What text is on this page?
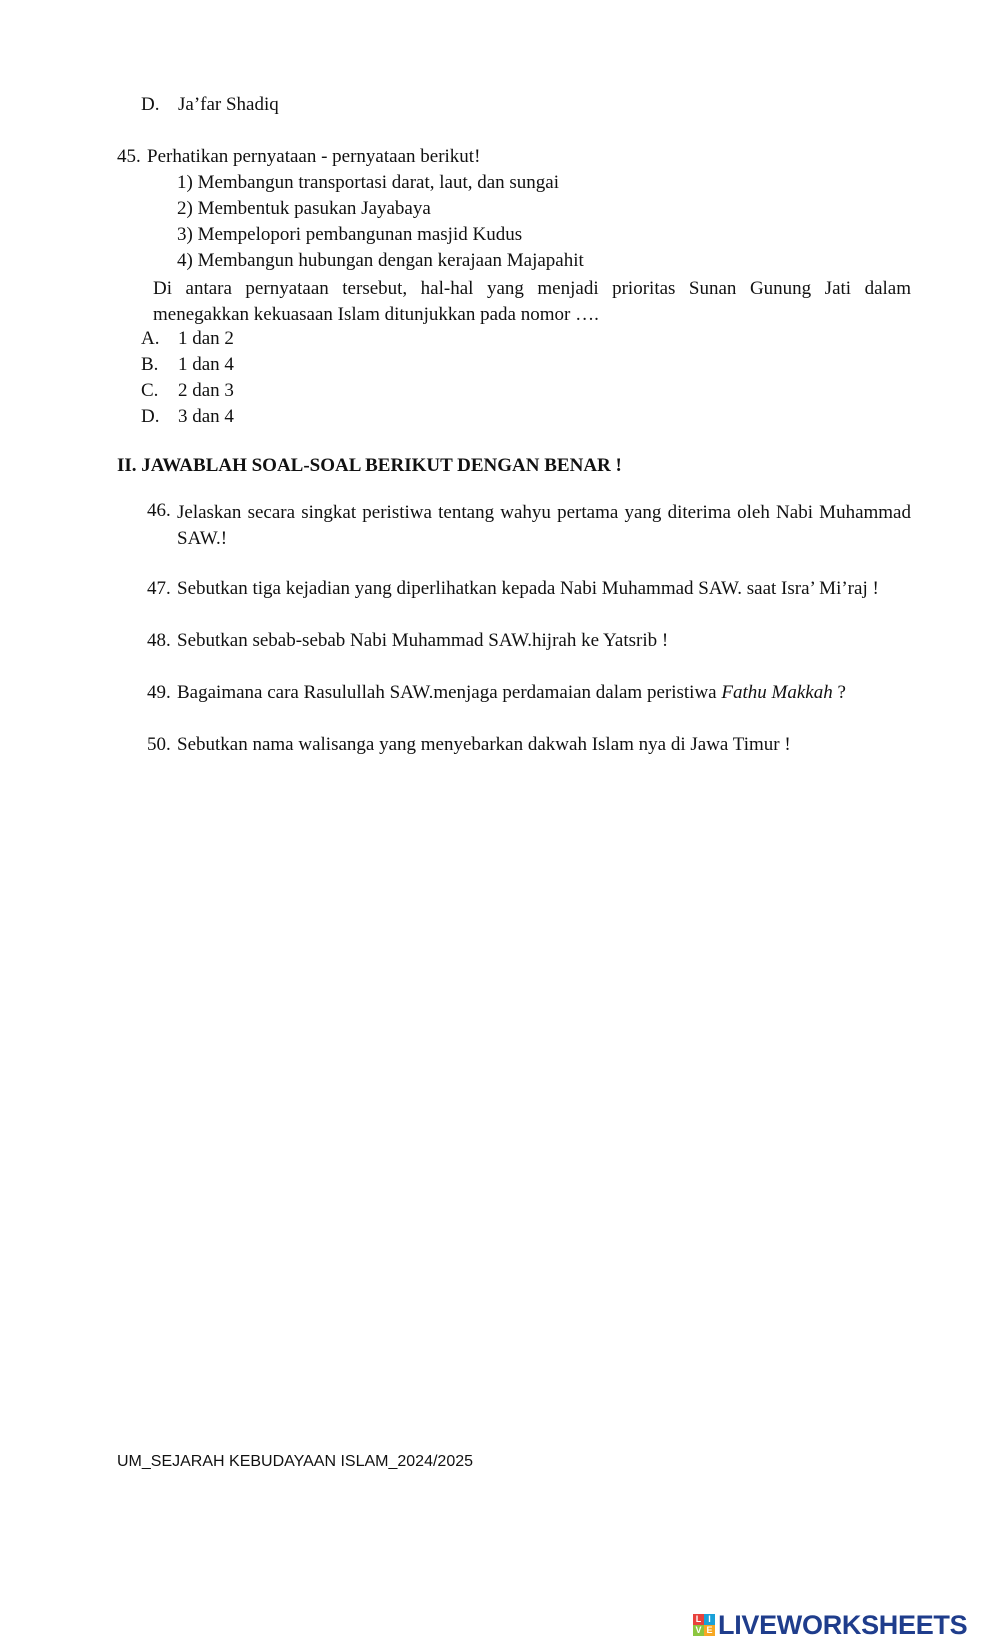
D. Ja’far Shadiq
45. Perhatikan pernyataan - pernyataan berikut!
1) Membangun transportasi darat, laut, dan sungai
2) Membentuk pasukan Jayabaya
3) Mempelopori pembangunan masjid Kudus
4) Membangun hubungan dengan kerajaan Majapahit
Di antara pernyataan tersebut, hal-hal yang menjadi prioritas Sunan Gunung Jati dalam menegakkan kekuasaan Islam ditunjukkan pada nomor ….
A. 1 dan 2
B. 1 dan 4
C. 2 dan 3
D. 3 dan 4
II. JAWABLAH SOAL-SOAL BERIKUT DENGAN BENAR !
46. Jelaskan secara singkat peristiwa tentang wahyu pertama yang diterima oleh Nabi Muhammad SAW.!
47. Sebutkan tiga kejadian yang diperlihatkan kepada Nabi Muhammad SAW. saat Isra’ Mi’raj !
48. Sebutkan sebab-sebab Nabi Muhammad SAW.hijrah ke Yatsrib !
49. Bagaimana cara Rasulullah SAW.menjaga perdamaian dalam peristiwa Fathu Makkah ?
50. Sebutkan nama walisanga yang menyebarkan dakwah Islam nya di Jawa Timur !
UM_SEJARAH KEBUDAYAAN ISLAM_2024/2025
L I
V E LIVEWORKSHEETS
